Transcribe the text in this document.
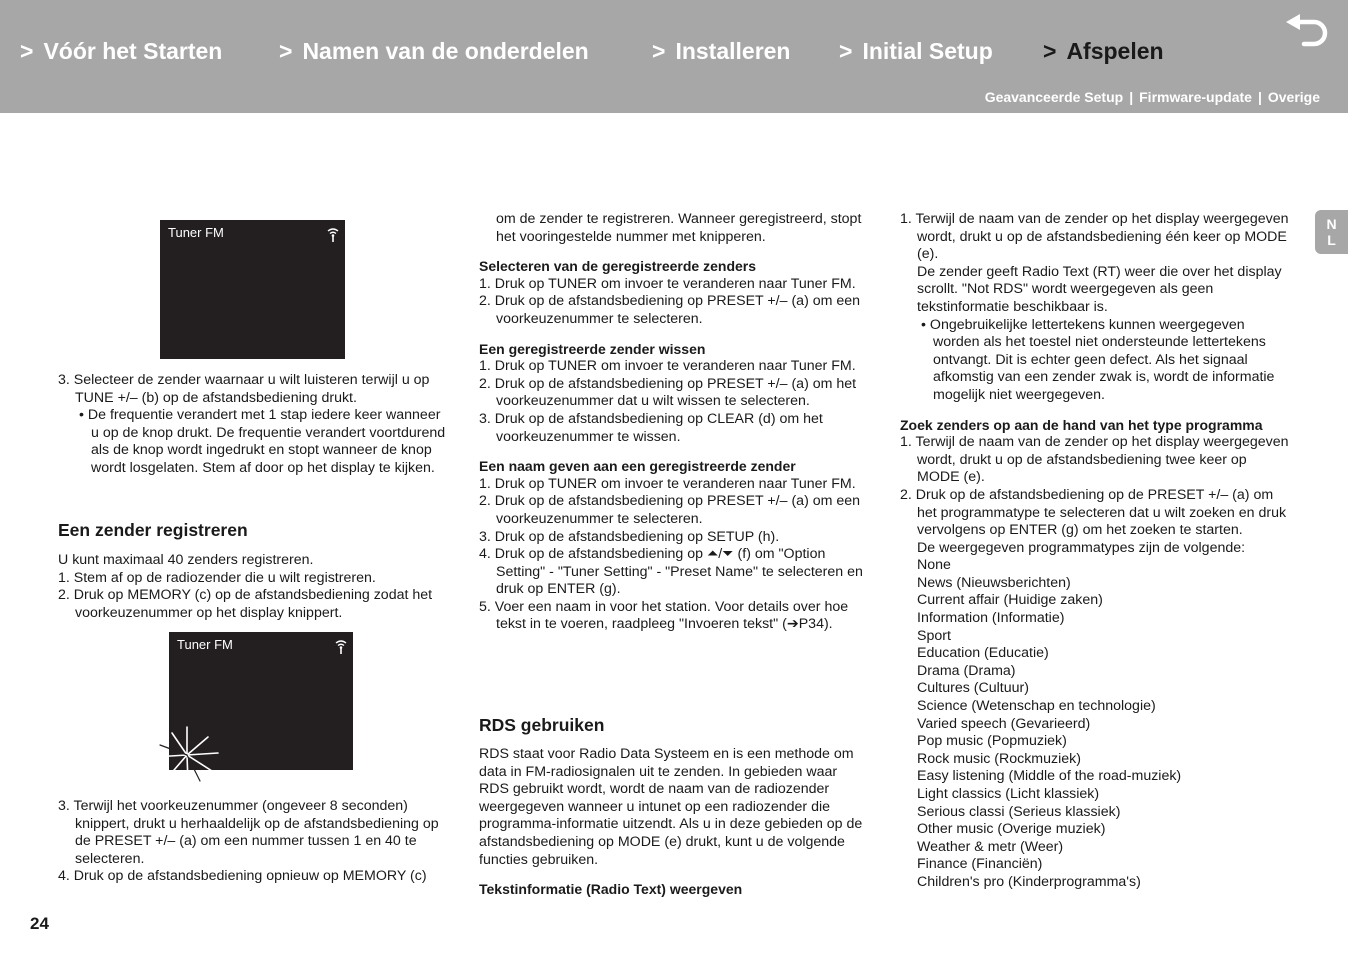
> Vóór het Starten > Namen van de onderdelen	> Installeren > Initial Setup > Afspelen
Geavanceerde Setup | Firmware-update | Overige
N
L
Tuner FM

3. Selecteer de zender waarnaar u wilt luisteren terwijl u op TUNE +/– (b) op de afstandsbediening drukt.

• De frequentie verandert met 1 stap iedere keer wanneer u op de knop drukt. De frequentie verandert voortdurend als de knop wordt ingedrukt en stopt wanneer de knop wordt losgelaten. Stem af door op het display te kijken.

Een zender registreren

U kunt maximaal 40 zenders registreren.

1. Stem af op de radiozender die u wilt registreren.

2. Druk op MEMORY (c) op de afstandsbediening zodat het voorkeuzenummer op het display knippert.

Tuner FM

3. Terwijl het voorkeuzenummer (ongeveer 8 seconden) knippert, drukt u herhaaldelijk op de afstandsbediening op de PRESET +/– (a) om een nummer tussen 1 en 40 te selecteren.

4. Druk op de afstandsbediening opnieuw op MEMORY (c)

om de zender te registreren. Wanneer geregistreerd, stopt het vooringestelde nummer met knipperen.

Selecteren van de geregistreerde zenders

1. Druk op TUNER om invoer te veranderen naar Tuner FM.

2. Druk op de afstandsbediening op PRESET +/– (a) om een voorkeuzenummer te selecteren.

Een geregistreerde zender wissen

1. Druk op TUNER om invoer te veranderen naar Tuner FM.

2. Druk op de afstandsbediening op PRESET +/– (a) om het voorkeuzenummer dat u wilt wissen te selecteren.

3. Druk op de afstandsbediening op CLEAR (d) om het voorkeuzenummer te wissen.

Een naam geven aan een geregistreerde zender

1. Druk op TUNER om invoer te veranderen naar Tuner FM.

2. Druk op de afstandsbediening op PRESET +/– (a) om een voorkeuzenummer te selecteren.

3. Druk op de afstandsbediening op SETUP (h).

4. Druk op de afstandsbediening op ⏶/⏷ (f) om "Option Setting" - "Tuner Setting" - "Preset Name" te selecteren en druk op ENTER (g).

5. Voer een naam in voor het station. Voor details over hoe tekst in te voeren, raadpleeg "Invoeren tekst" (➔P34).

RDS gebruiken

RDS staat voor Radio Data Systeem en is een methode om data in FM-radiosignalen uit te zenden. In gebieden waar RDS gebruikt wordt, wordt de naam van de radiozender weergegeven wanneer u intunet op een radiozender die programma-informatie uitzendt. Als u in deze gebieden op de afstandsbediening op MODE (e) drukt, kunt u de volgende functies gebruiken.

Tekstinformatie (Radio Text) weergeven

1. Terwijl de naam van de zender op het display weergegeven wordt, drukt u op de afstandsbediening één keer op MODE (e).

De zender geeft Radio Text (RT) weer die over het display scrollt. "Not RDS" wordt weergegeven als geen tekstinformatie beschikbaar is.

• Ongebruikelijke lettertekens kunnen weergegeven worden als het toestel niet ondersteunde lettertekens ontvangt. Dit is echter geen defect. Als het signaal afkomstig van een zender zwak is, wordt de informatie mogelijk niet weergegeven.

Zoek zenders op aan de hand van het type programma

1. Terwijl de naam van de zender op het display weergegeven wordt, drukt u op de afstandsbediening twee keer op MODE (e).

2. Druk op de afstandsbediening op de PRESET +/– (a) om het programmatype te selecteren dat u wilt zoeken en druk vervolgens op ENTER (g) om het zoeken te starten.

De weergegeven programmatypes zijn de volgende:

None

News (Nieuwsberichten)

Current affair (Huidige zaken)

Information (Informatie)

Sport

Education (Educatie)

Drama (Drama)

Cultures (Cultuur)

Science (Wetenschap en technologie)

Varied speech (Gevarieerd)

Pop music (Popmuziek)

Rock music (Rockmuziek)

Easy listening (Middle of the road-muziek)

Light classics (Licht klassiek)

Serious classi (Serieus klassiek)

Other music (Overige muziek)

Weather & metr (Weer)

Finance (Financiën)

Children's pro (Kinderprogramma's)

24
